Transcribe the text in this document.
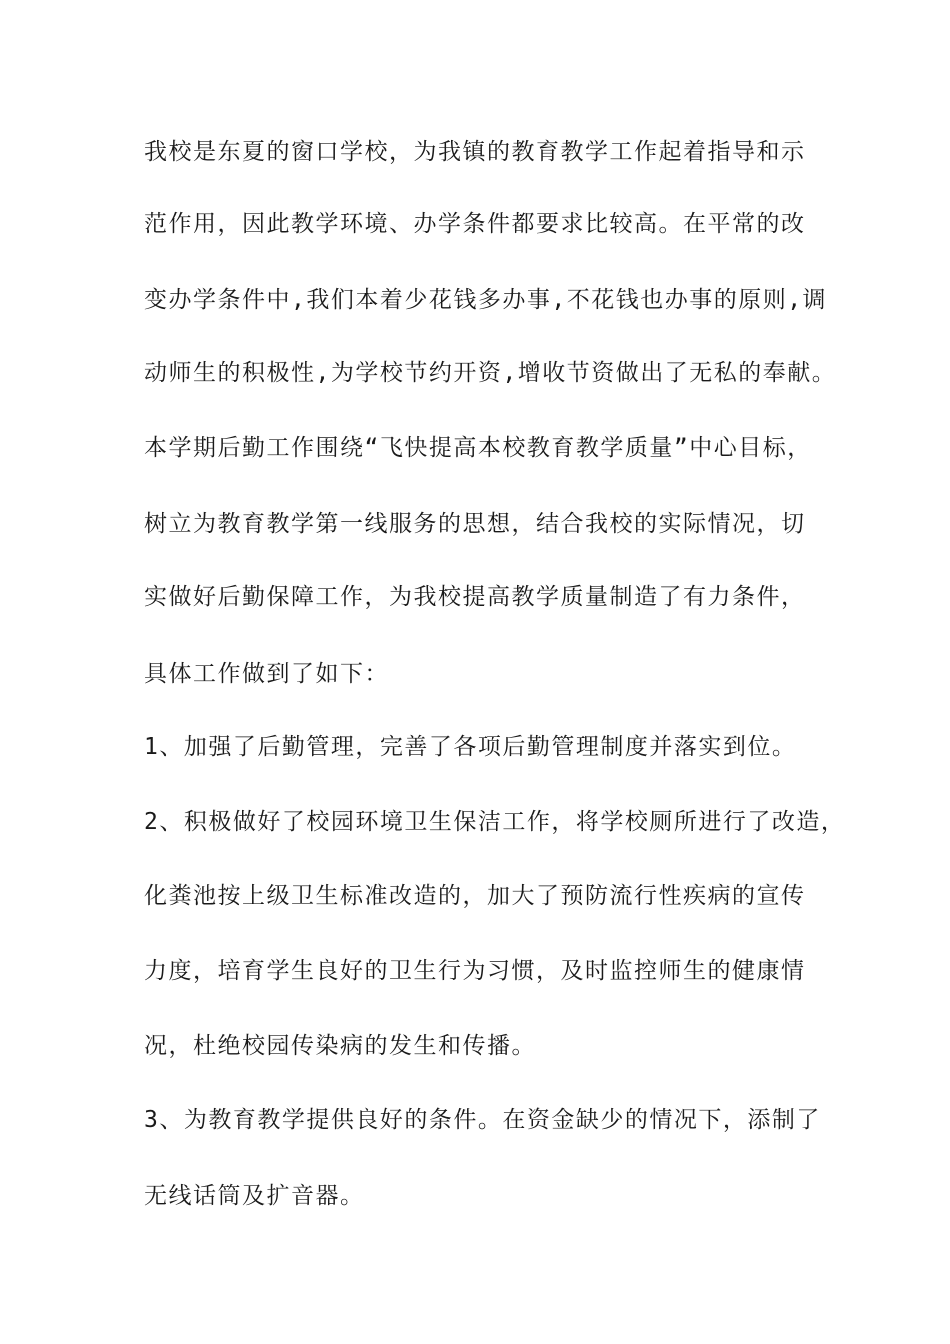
我校是东夏的窗口学校，为我镇的教育教学工作起着指导和示
范作用，因此教学环境、办学条件都要求比较高。在平常的改
变办学条件中,我们本着少花钱多办事,不花钱也办事的原则,调
动师生的积极性,为学校节约开资,增收节资做出了无私的奉献。
本学期后勤工作围绕“飞快提高本校教育教学质量”中心目标，
树立为教育教学第一线服务的思想，结合我校的实际情况，切
实做好后勤保障工作，为我校提高教学质量制造了有力条件，
具体工作做到了如下：
1、加强了后勤管理，完善了各项后勤管理制度并落实到位。
2、积极做好了校园环境卫生保洁工作，将学校厕所进行了改造，
化粪池按上级卫生标准改造的，加大了预防流行性疾病的宣传
力度，培育学生良好的卫生行为习惯，及时监控师生的健康情
况，杜绝校园传染病的发生和传播。
3、为教育教学提供良好的条件。在资金缺少的情况下，添制了
无线话筒及扩音器。
